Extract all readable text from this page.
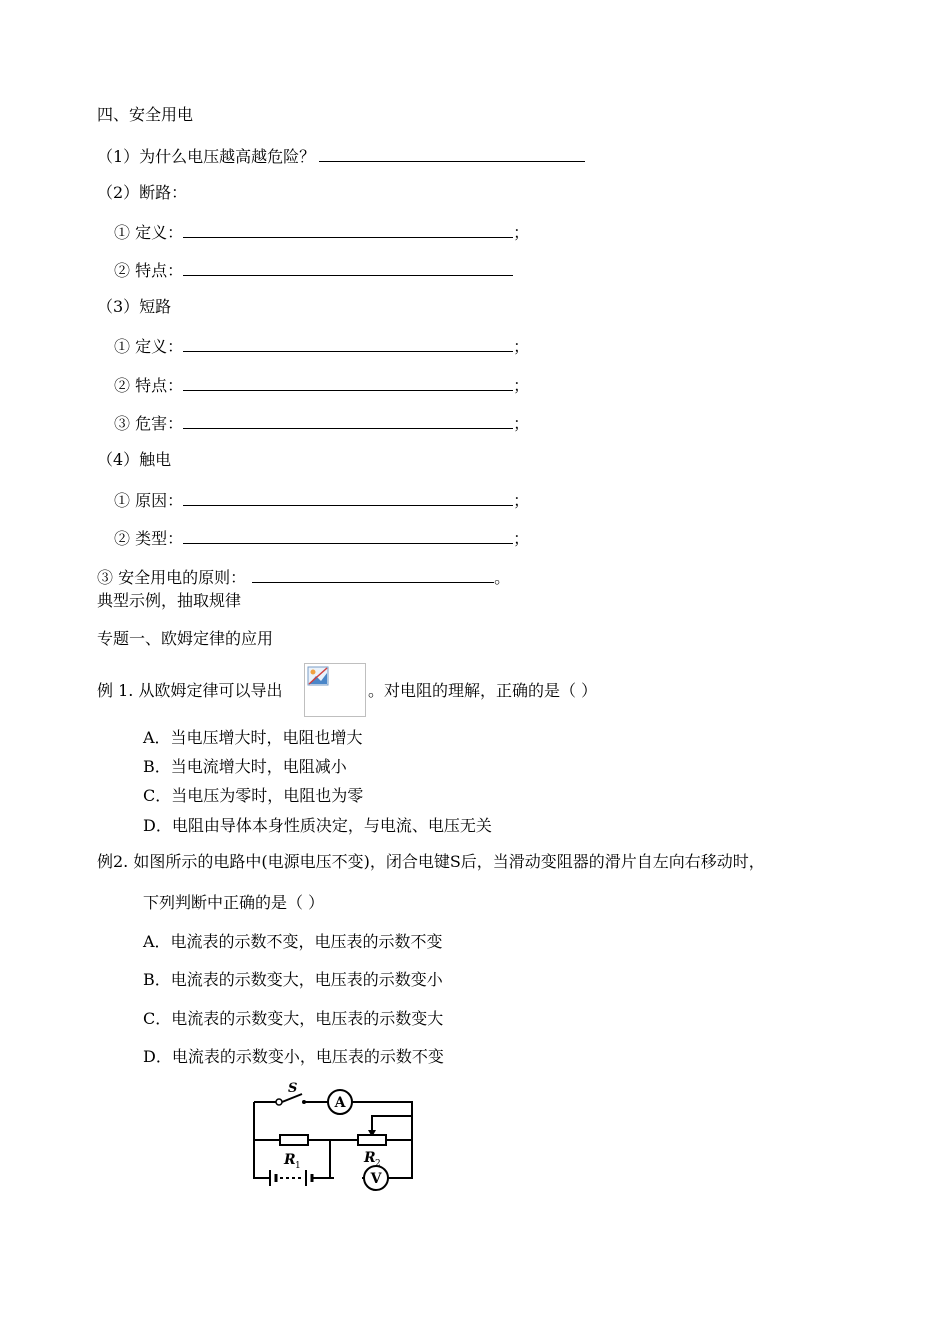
四、安全用电
（1）为什么电压越高越危险？
（2）断路：
① 定义：	；
② 特点：
（3）短路
① 定义：	；
② 特点：	；
③ 危害：	；
（4）触电
① 原因：	；
② 类型：	；
③ 安全用电的原则：	。
典型示例，抽取规律
专题一、欧姆定律的应用
例 1. 从欧姆定律可以导出	。对电阻的理解，正确的是（ ）
A．当电压增大时，电阻也增大
B．当电流增大时，电阻减小
C．当电压为零时，电阻也为零
D．电阻由导体本身性质决定，与电流、电压无关
例2. 如图所示的电路中(电源电压不变)，闭合电键S后，当滑动变阻器的滑片自左向右移动时，
下列判断中正确的是（ ）
A．电流表的示数不变，电压表的示数不变
B．电流表的示数变大，电压表的示数变小
C．电流表的示数变大，电压表的示数变大
D．电流表的示数变小，电压表的示数不变
S
A
V
R 1	R 2
